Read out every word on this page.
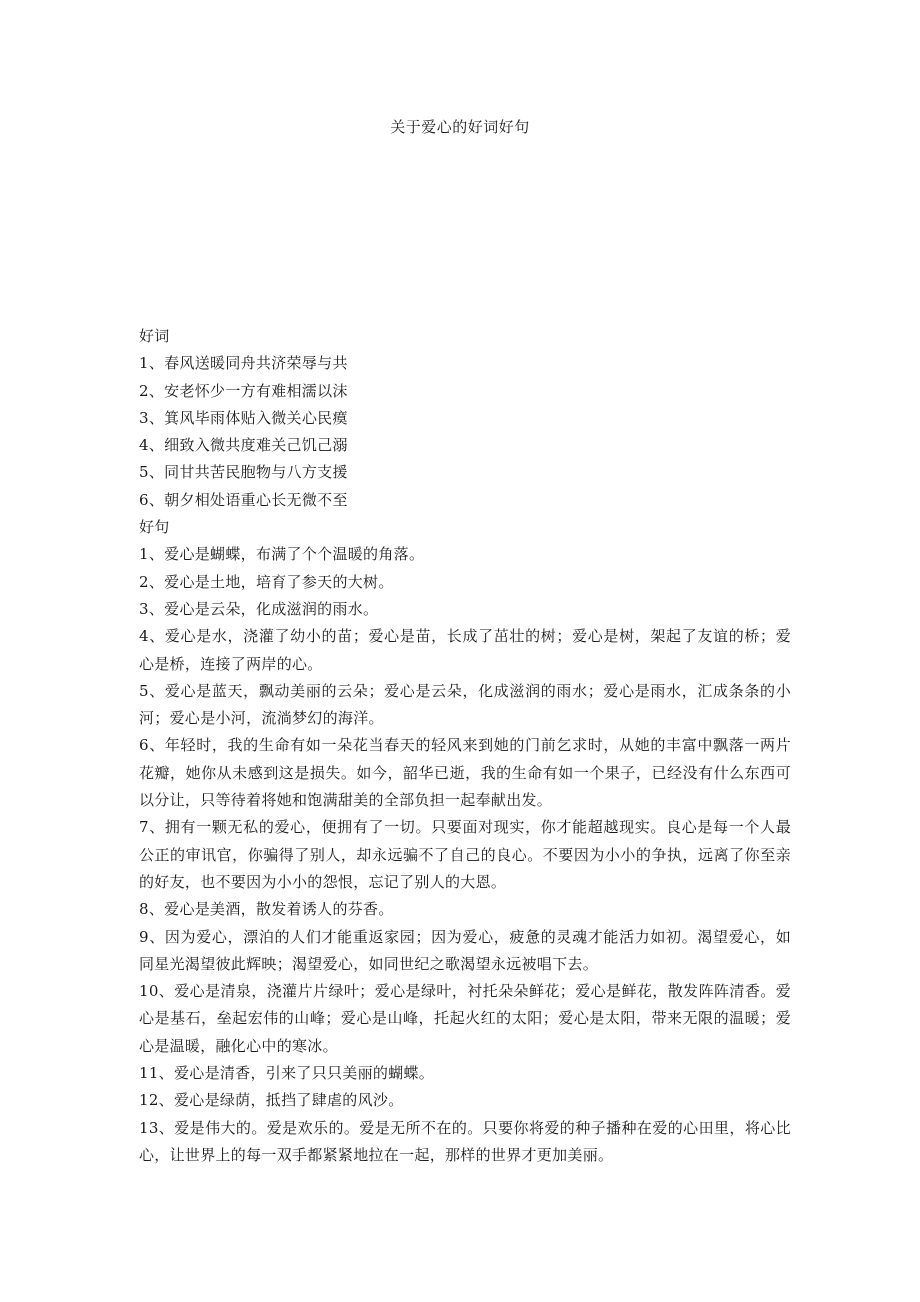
关于爱心的好词好句

好词

1、春风送暖同舟共济荣辱与共

2、安老怀少一方有难相濡以沫

3、箕风毕雨体贴入微关心民瘼

4、细致入微共度难关己饥己溺

5、同甘共苦民胞物与八方支援

6、朝夕相处语重心长无微不至

好句

1、爱心是蝴蝶，布满了个个温暖的角落。

2、爱心是土地，培育了参天的大树。

3、爱心是云朵，化成滋润的雨水。

4、爱心是水，浇灌了幼小的苗；爱心是苗，长成了茁壮的树；爱心是树，架起了友谊的桥；爱心是桥，连接了两岸的心。

5、爱心是蓝天，飘动美丽的云朵；爱心是云朵，化成滋润的雨水；爱心是雨水，汇成条条的小河；爱心是小河，流淌梦幻的海洋。

6、年轻时，我的生命有如一朵花当春天的轻风来到她的门前乞求时，从她的丰富中飘落一两片花瓣，她你从未感到这是损失。如今，韶华已逝，我的生命有如一个果子，已经没有什么东西可以分让，只等待着将她和饱满甜美的全部负担一起奉献出发。

7、拥有一颗无私的爱心，便拥有了一切。只要面对现实，你才能超越现实。良心是每一个人最公正的审讯官，你骗得了别人，却永远骗不了自己的良心。不要因为小小的争执，远离了你至亲的好友，也不要因为小小的怨恨，忘记了别人的大恩。

8、爱心是美酒，散发着诱人的芬香。

9、因为爱心，漂泊的人们才能重返家园；因为爱心，疲惫的灵魂才能活力如初。渴望爱心，如同星光渴望彼此辉映；渴望爱心，如同世纪之歌渴望永远被唱下去。

10、爱心是清泉，浇灌片片绿叶；爱心是绿叶，衬托朵朵鲜花；爱心是鲜花，散发阵阵清香。爱心是基石，垒起宏伟的山峰；爱心是山峰，托起火红的太阳；爱心是太阳，带来无限的温暖；爱心是温暖，融化心中的寒冰。

11、爱心是清香，引来了只只美丽的蝴蝶。

12、爱心是绿荫，抵挡了肆虐的风沙。

13、爱是伟大的。爱是欢乐的。爱是无所不在的。只要你将爱的种子播种在爱的心田里，将心比心，让世界上的每一双手都紧紧地拉在一起，那样的世界才更加美丽。
